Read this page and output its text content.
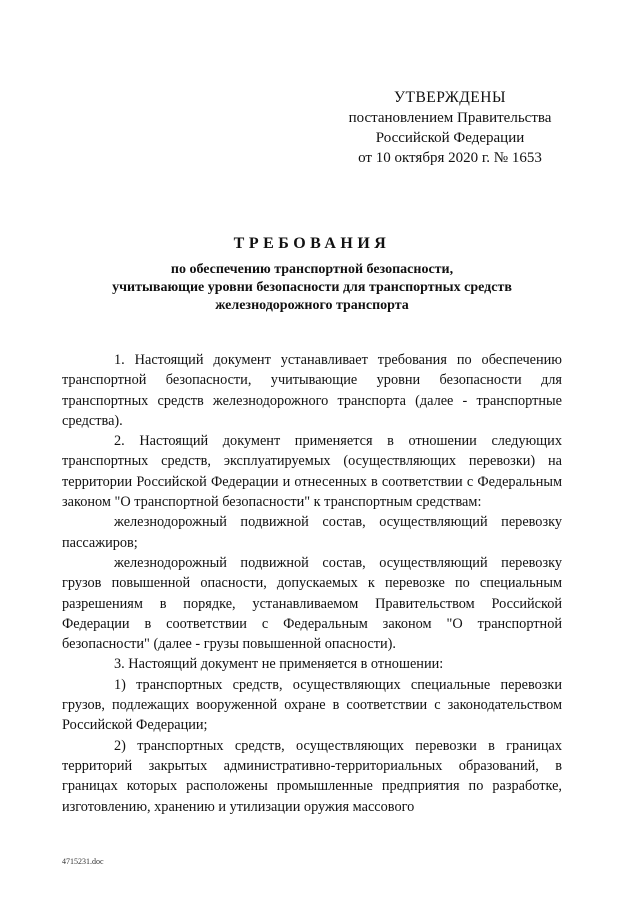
УТВЕРЖДЕНЫ
постановлением Правительства
Российской Федерации
от 10 октября 2020 г. № 1653
ТРЕБОВАНИЯ
по обеспечению транспортной безопасности,
учитывающие уровни безопасности для транспортных средств
железнодорожного транспорта

1. Настоящий документ устанавливает требования по обеспечению транспортной безопасности, учитывающие уровни безопасности для транспортных средств железнодорожного транспорта (далее - транспортные средства).

2. Настоящий документ применяется в отношении следующих транспортных средств, эксплуатируемых (осуществляющих перевозки) на территории Российской Федерации и отнесенных в соответствии с Федеральным законом "О транспортной безопасности" к транспортным средствам:

железнодорожный подвижной состав, осуществляющий перевозку пассажиров;

железнодорожный подвижной состав, осуществляющий перевозку грузов повышенной опасности, допускаемых к перевозке по специальным разрешениям в порядке, устанавливаемом Правительством Российской Федерации в соответствии с Федеральным законом "О транспортной безопасности" (далее - грузы повышенной опасности).

3. Настоящий документ не применяется в отношении:

1) транспортных средств, осуществляющих специальные перевозки грузов, подлежащих вооруженной охране в соответствии с законодательством Российской Федерации;

2) транспортных средств, осуществляющих перевозки в границах территорий закрытых административно-территориальных образований, в границах которых расположены промышленные предприятия по разработке, изготовлению, хранению и утилизации оружия массового

4715231.doc
